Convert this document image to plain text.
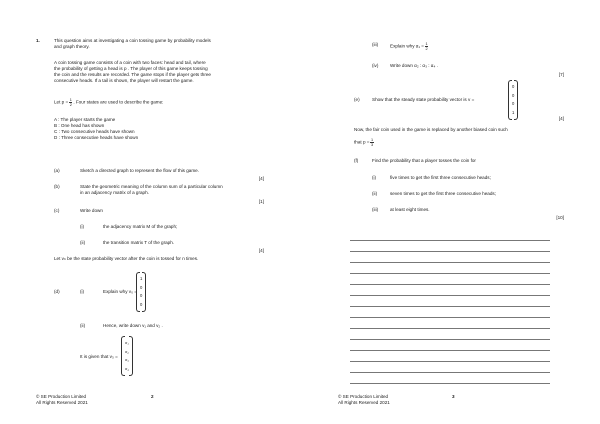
1.	This question aims at investigating a coin tossing game by probability models
and graph theory.
A coin tossing game consists of a coin with two faces: head and tail, where
the probability of getting a head is p . The player of this game keeps tossing
the coin and the results are recorded. The game stops if the player gets three
consecutive heads. If a tail is shown, the player will restart the game.
Let $p = \frac{1}{2}$ . Four states are used to describe the game:
A : The player starts the game
B : One head has shown
C : Two consecutive heads have shown
D : Three consecutive heads have shown
(a)	Sketch a directed graph to represent the flow of this game.
[4]
(b)	State the geometric meaning of the column sum of a particular column
in an adjacency matrix of a graph.
[1]
(c)	Write down
(i)	the adjacency matrix M of the graph;
(ii)	the transition matrix T of the graph.
[4]
Let vₙ be the state probability vector after the coin is tossed for n times.
(d)	(i)	Explain why v₀ =
1
0
0
0
(ii)	Hence, write down v₁ and v₂ .
It is given that v₃ =
α₁
α₂
α₃
α₄
© SE Production Limited
All Rights Reserved 2021
2
(iii)	Explain why $\alpha_1 = \frac{1}{2}$
(iv)	Write down α₂ : α₃ : α₄ .
[7]
(e)	Show that the steady state probability vector is v =
0
0
0
1
[4]
Now, the fair coin used in the game is replaced by another biased coin such
that $p = \frac{1}{3}$
(f)	Find the probability that a player tosses the coin for
(i)	five times to get the first three consecutive heads;
(ii)	seven times to get the first three consecutive heads;
(iii)	at least eight times.
[10]
© SE Production Limited
All Rights Reserved 2021
3
